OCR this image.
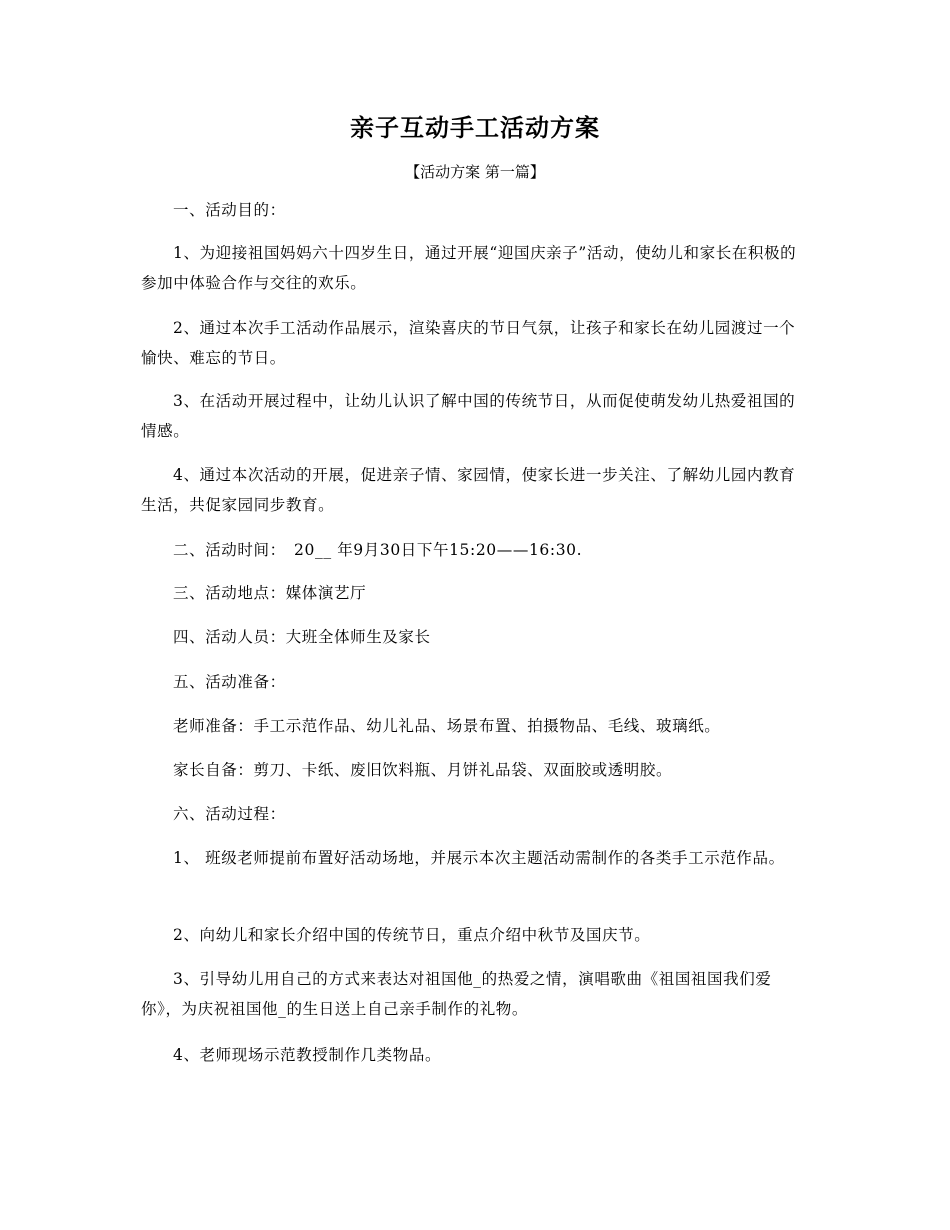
亲子互动手工活动方案

【活动方案 第一篇】

一、活动目的：

1、为迎接祖国妈妈六十四岁生日，通过开展“迎国庆亲子”活动，使幼儿和家长在积极的参加中体验合作与交往的欢乐。

2、通过本次手工活动作品展示，渲染喜庆的节日气氛，让孩子和家长在幼儿园渡过一个愉快、难忘的节日。

3、在活动开展过程中，让幼儿认识了解中国的传统节日，从而促使萌发幼儿热爱祖国的情感。

4、通过本次活动的开展，促进亲子情、家园情，使家长进一步关注、了解幼儿园内教育生活，共促家园同步教育。

二、活动时间：　20__ 年9月30日下午15:20——16:30.

三、活动地点：媒体演艺厅

四、活动人员：大班全体师生及家长

五、活动准备：

老师准备：手工示范作品、幼儿礼品、场景布置、拍摄物品、毛线、玻璃纸。

家长自备：剪刀、卡纸、废旧饮料瓶、月饼礼品袋、双面胶或透明胶。

六、活动过程：

1、 班级老师提前布置好活动场地，并展示本次主题活动需制作的各类手工示范作品。

2、向幼儿和家长介绍中国的传统节日，重点介绍中秋节及国庆节。

3、引导幼儿用自己的方式来表达对祖国他_的热爱之情，演唱歌曲《祖国祖国我们爱你》，为庆祝祖国他_的生日送上自己亲手制作的礼物。

4、老师现场示范教授制作几类物品。
